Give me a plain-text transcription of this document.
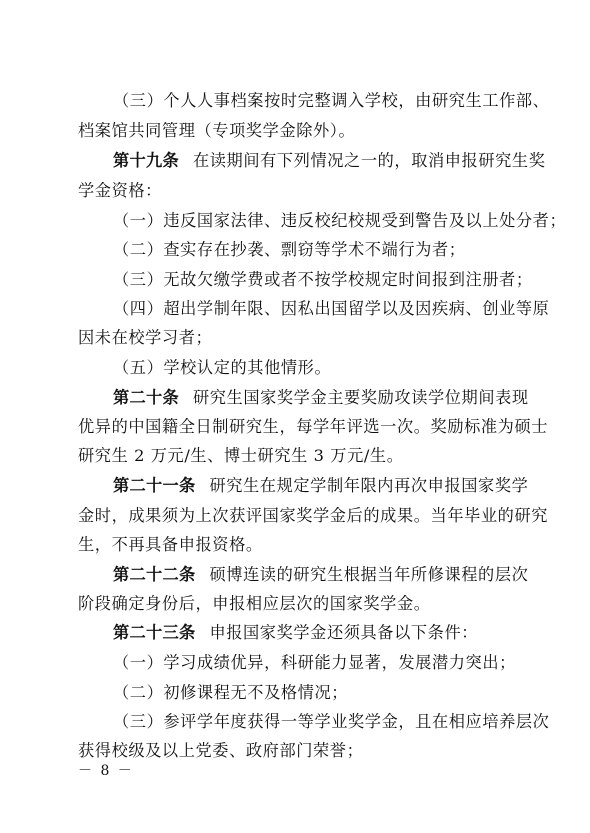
（三）个人人事档案按时完整调入学校，由研究生工作部、
档案馆共同管理（专项奖学金除外）。
第十九条 在读期间有下列情况之一的，取消申报研究生奖
学金资格：
（一）违反国家法律、违反校纪校规受到警告及以上处分者；
（二）查实存在抄袭、剽窃等学术不端行为者；
（三）无故欠缴学费或者不按学校规定时间报到注册者；
（四）超出学制年限、因私出国留学以及因疾病、创业等原
因未在校学习者；
（五）学校认定的其他情形。
第二十条 研究生国家奖学金主要奖励攻读学位期间表现
优异的中国籍全日制研究生，每学年评选一次。奖励标准为硕士
研究生 2 万元/生、博士研究生 3 万元/生。
第二十一条 研究生在规定学制年限内再次申报国家奖学
金时，成果须为上次获评国家奖学金后的成果。当年毕业的研究
生，不再具备申报资格。
第二十二条 硕博连读的研究生根据当年所修课程的层次
阶段确定身份后，申报相应层次的国家奖学金。
第二十三条 申报国家奖学金还须具备以下条件：
（一）学习成绩优异，科研能力显著，发展潜力突出；
（二）初修课程无不及格情况；
（三）参评学年度获得一等学业奖学金，且在相应培养层次
获得校级及以上党委、政府部门荣誉；
－ 8 －
